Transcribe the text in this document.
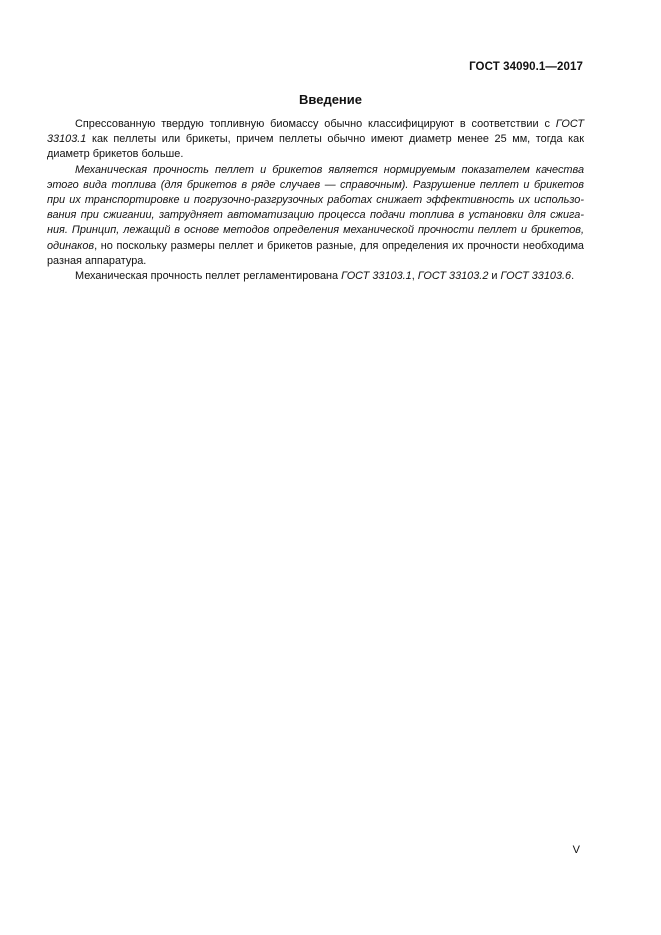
ГОСТ 34090.1—2017
Введение

Спрессованную твердую топливную биомассу обычно классифицируют в соответствии с ГОСТ 33103.1 как пеллеты или брикеты, причем пеллеты обычно имеют диаметр менее 25 мм, тогда как диаметр брикетов больше.

Механическая прочность пеллет и брикетов является нормируемым показателем качества этого вида топлива (для брикетов в ряде случаев — справочным). Разрушение пеллет и брикетов при их транспортировке и погрузочно-разгрузочных работах снижает эффективность их использования при сжигании, затрудняет автоматизацию процесса подачи топлива в установки для сжигания. Принцип, лежащий в основе методов определения механической прочности пеллет и брикетов, одинаков, но поскольку размеры пеллет и брикетов разные, для определения их прочности необходима разная аппаратура.

Механическая прочность пеллет регламентирована ГОСТ 33103.1, ГОСТ 33103.2 и ГОСТ 33103.6.

V
